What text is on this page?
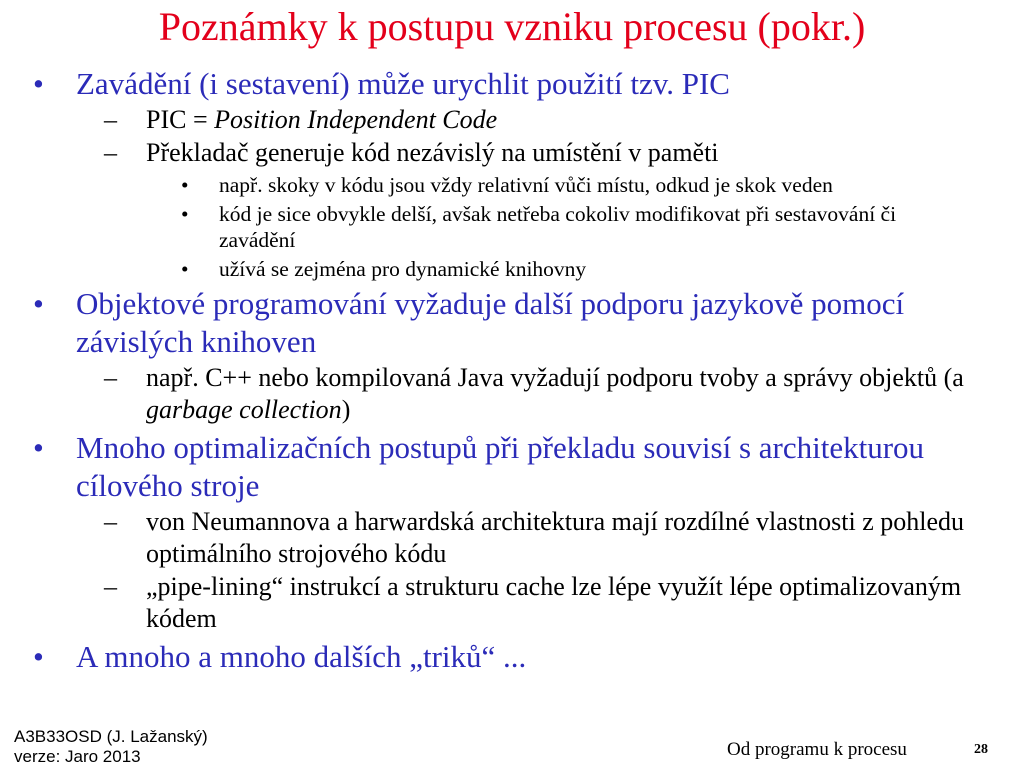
Poznámky k postupu vzniku procesu (pokr.)
• Zavádění (i sestavení) může urychlit použití tzv. PIC
– PIC = Position Independent Code
– Překladač generuje kód nezávislý na umístění v paměti
• např. skoky v kódu jsou vždy relativní vůči místu, odkud je skok veden
• kód je sice obvykle delší, avšak netřeba cokoliv modifikovat při sestavování či zavádění
• užívá se zejména pro dynamické knihovny
• Objektové programování vyžaduje další podporu jazykově pomocí závislých knihoven
– např. C++ nebo kompilovaná Java vyžadují podporu tvoby a správy objektů (a garbage collection)
• Mnoho optimalizačních postupů při překladu souvisí s architekturou cílového stroje
– von Neumannova a harwardská architektura mají rozdílné vlastnosti z pohledu optimálního strojového kódu
– „pipe-lining“ instrukcí a strukturu cache lze lépe využít lépe optimalizovaným kódem
• A mnoho a mnoho dalších „triků“ ...
A3B33OSD (J. Lažanský)
verze: Jaro 2013	Od programu k procesu	28
